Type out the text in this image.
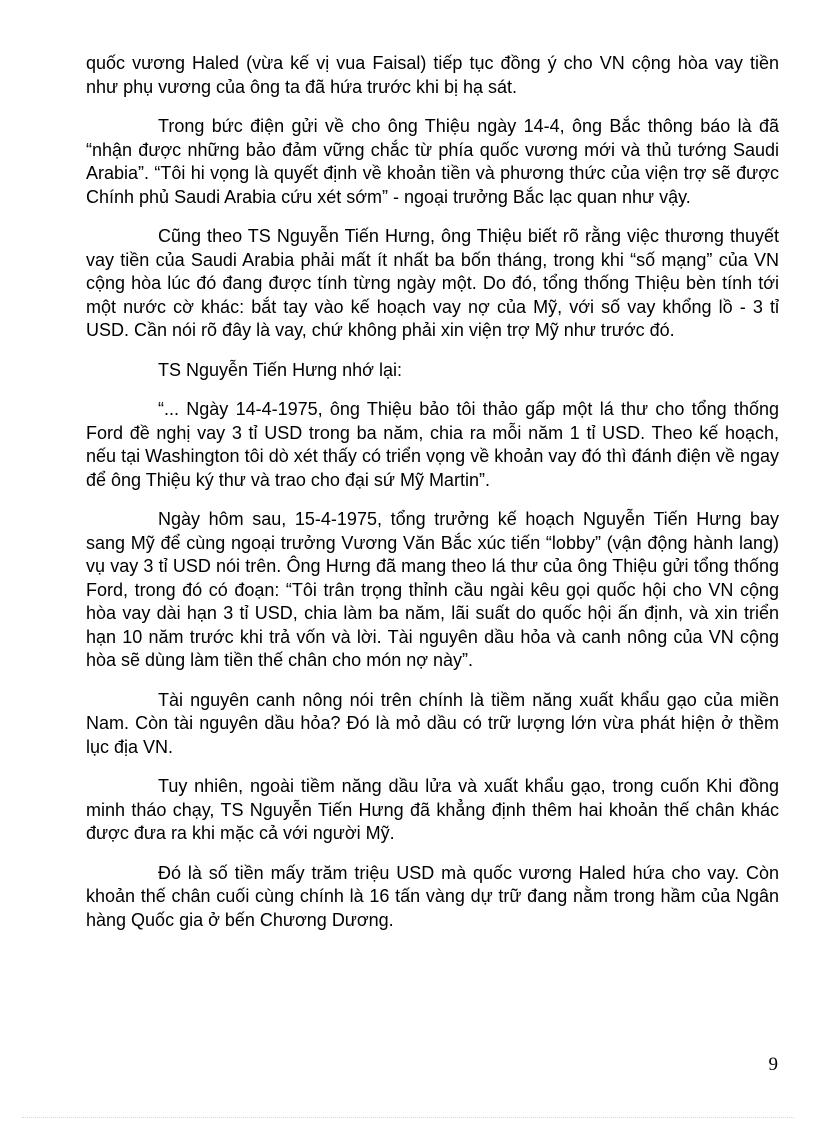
quốc vương Haled (vừa kế vị vua Faisal) tiếp tục đồng ý cho VN cộng hòa vay tiền như phụ vương của ông ta đã hứa trước khi bị hạ sát.

Trong bức điện gửi về cho ông Thiệu ngày 14-4, ông Bắc thông báo là đã “nhận được những bảo đảm vững chắc từ phía quốc vương mới và thủ tướng Saudi Arabia”. “Tôi hi vọng là quyết định về khoản tiền và phương thức của viện trợ sẽ được Chính phủ Saudi Arabia cứu xét sớm” - ngoại trưởng Bắc lạc quan như vậy.

Cũng theo TS Nguyễn Tiến Hưng, ông Thiệu biết rõ rằng việc thương thuyết vay tiền của Saudi Arabia phải mất ít nhất ba bốn tháng, trong khi “số mạng” của VN cộng hòa lúc đó đang được tính từng ngày một. Do đó, tổng thống Thiệu bèn tính tới một nước cờ khác: bắt tay vào kế hoạch vay nợ của Mỹ, với số vay khổng lồ - 3 tỉ USD. Cần nói rõ đây là vay, chứ không phải xin viện trợ Mỹ như trước đó.

TS Nguyễn Tiến Hưng nhớ lại:

“... Ngày 14-4-1975, ông Thiệu bảo tôi thảo gấp một lá thư cho tổng thống Ford đề nghị vay 3 tỉ USD trong ba năm, chia ra mỗi năm 1 tỉ USD. Theo kế hoạch, nếu tại Washington tôi dò xét thấy có triển vọng về khoản vay đó thì đánh điện về ngay để ông Thiệu ký thư và trao cho đại sứ Mỹ Martin”.

Ngày hôm sau, 15-4-1975, tổng trưởng kế hoạch Nguyễn Tiến Hưng bay sang Mỹ để cùng ngoại trưởng Vương Văn Bắc xúc tiến “lobby” (vận động hành lang) vụ vay 3 tỉ USD nói trên. Ông Hưng đã mang theo lá thư của ông Thiệu gửi tổng thống Ford, trong đó có đoạn: “Tôi trân trọng thỉnh cầu ngài kêu gọi quốc hội cho VN cộng hòa vay dài hạn 3 tỉ USD, chia làm ba năm, lãi suất do quốc hội ấn định, và xin triển hạn 10 năm trước khi trả vốn và lời. Tài nguyên dầu hỏa và canh nông của VN cộng hòa sẽ dùng làm tiền thế chân cho món nợ này”.

Tài nguyên canh nông nói trên chính là tiềm năng xuất khẩu gạo của miền Nam. Còn tài nguyên dầu hỏa? Đó là mỏ dầu có trữ lượng lớn vừa phát hiện ở thềm lục địa VN.

Tuy nhiên, ngoài tiềm năng dầu lửa và xuất khẩu gạo, trong cuốn Khi đồng minh tháo chạy, TS Nguyễn Tiến Hưng đã khẳng định thêm hai khoản thế chân khác được đưa ra khi mặc cả với người Mỹ.

Đó là số tiền mấy trăm triệu USD mà quốc vương Haled hứa cho vay. Còn khoản thế chân cuối cùng chính là 16 tấn vàng dự trữ đang nằm trong hầm của Ngân hàng Quốc gia ở bến Chương Dương.

9
